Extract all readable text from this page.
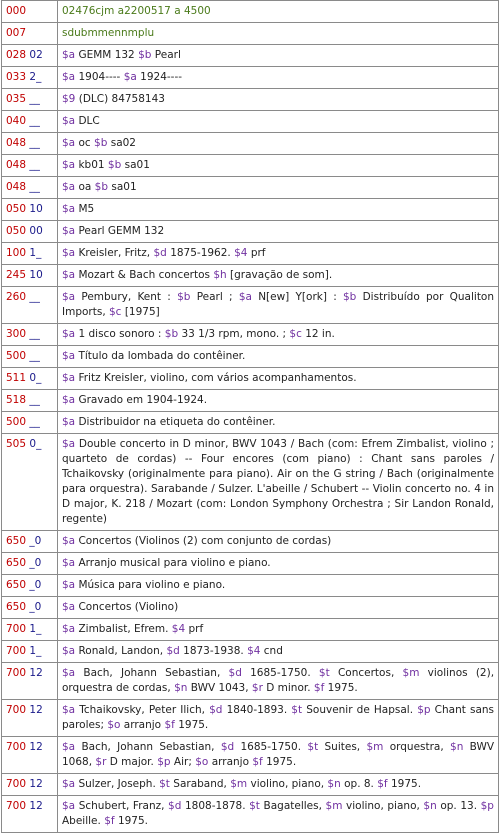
000	02476cjm a2200517 a 4500
007	sdubmmennmplu
028 02	$a GEMM 132 $b Pearl
033 2_	$a 1904---- $a 1924----
035 __	$9 (DLC) 84758143
040 __	$a DLC
048 __	$a oc $b sa02
048 __	$a kb01 $b sa01
048 __	$a oa $b sa01
050 10	$a M5
050 00	$a Pearl GEMM 132
100 1_	$a Kreisler, Fritz, $d 1875-1962. $4 prf
245 10	$a Mozart & Bach concertos $h [gravação de som].
260 __	$a Pembury, Kent : $b Pearl ; $a N[ew] Y[ork] : $b Distribuído por Qualiton Imports, $c [1975]
300 __	$a 1 disco sonoro : $b 33 1/3 rpm, mono. ; $c 12 in.
500 __	$a Título da lombada do contêiner.
511 0_	$a Fritz Kreisler, violino, com vários acompanhamentos.
518 __	$a Gravado em 1904-1924.
500 __	$a Distribuidor na etiqueta do contêiner.
505 0_	$a Double concerto in D minor, BWV 1043 / Bach (com: Efrem Zimbalist, violino ; quarteto de cordas) -- Four encores (com piano) : Chant sans paroles / Tchaikovsky (originalmente para piano). Air on the G string / Bach (originalmente para orquestra). Sarabande / Sulzer. L'abeille / Schubert -- Violin concerto no. 4 in D major, K. 218 / Mozart (com: London Symphony Orchestra ; Sir Landon Ronald, regente)
650 _0	$a Concertos (Violinos (2) com conjunto de cordas)
650 _0	$a Arranjo musical para violino e piano.
650 _0	$a Música para violino e piano.
650 _0	$a Concertos (Violino)
700 1_	$a Zimbalist, Efrem. $4 prf
700 1_	$a Ronald, Landon, $d 1873-1938. $4 cnd
700 12	$a Bach, Johann Sebastian, $d 1685-1750. $t Concertos, $m violinos (2), orquestra de cordas, $n BWV 1043, $r D minor. $f 1975.
700 12	$a Tchaikovsky, Peter Ilich, $d 1840-1893. $t Souvenir de Hapsal. $p Chant sans paroles; $o arranjo $f 1975.
700 12	$a Bach, Johann Sebastian, $d 1685-1750. $t Suites, $m orquestra, $n BWV 1068, $r D major. $p Air; $o arranjo $f 1975.
700 12	$a Sulzer, Joseph. $t Saraband, $m violino, piano, $n op. 8. $f 1975.
700 12	$a Schubert, Franz, $d 1808-1878. $t Bagatelles, $m violino, piano, $n op. 13. $p Abeille. $f 1975.
